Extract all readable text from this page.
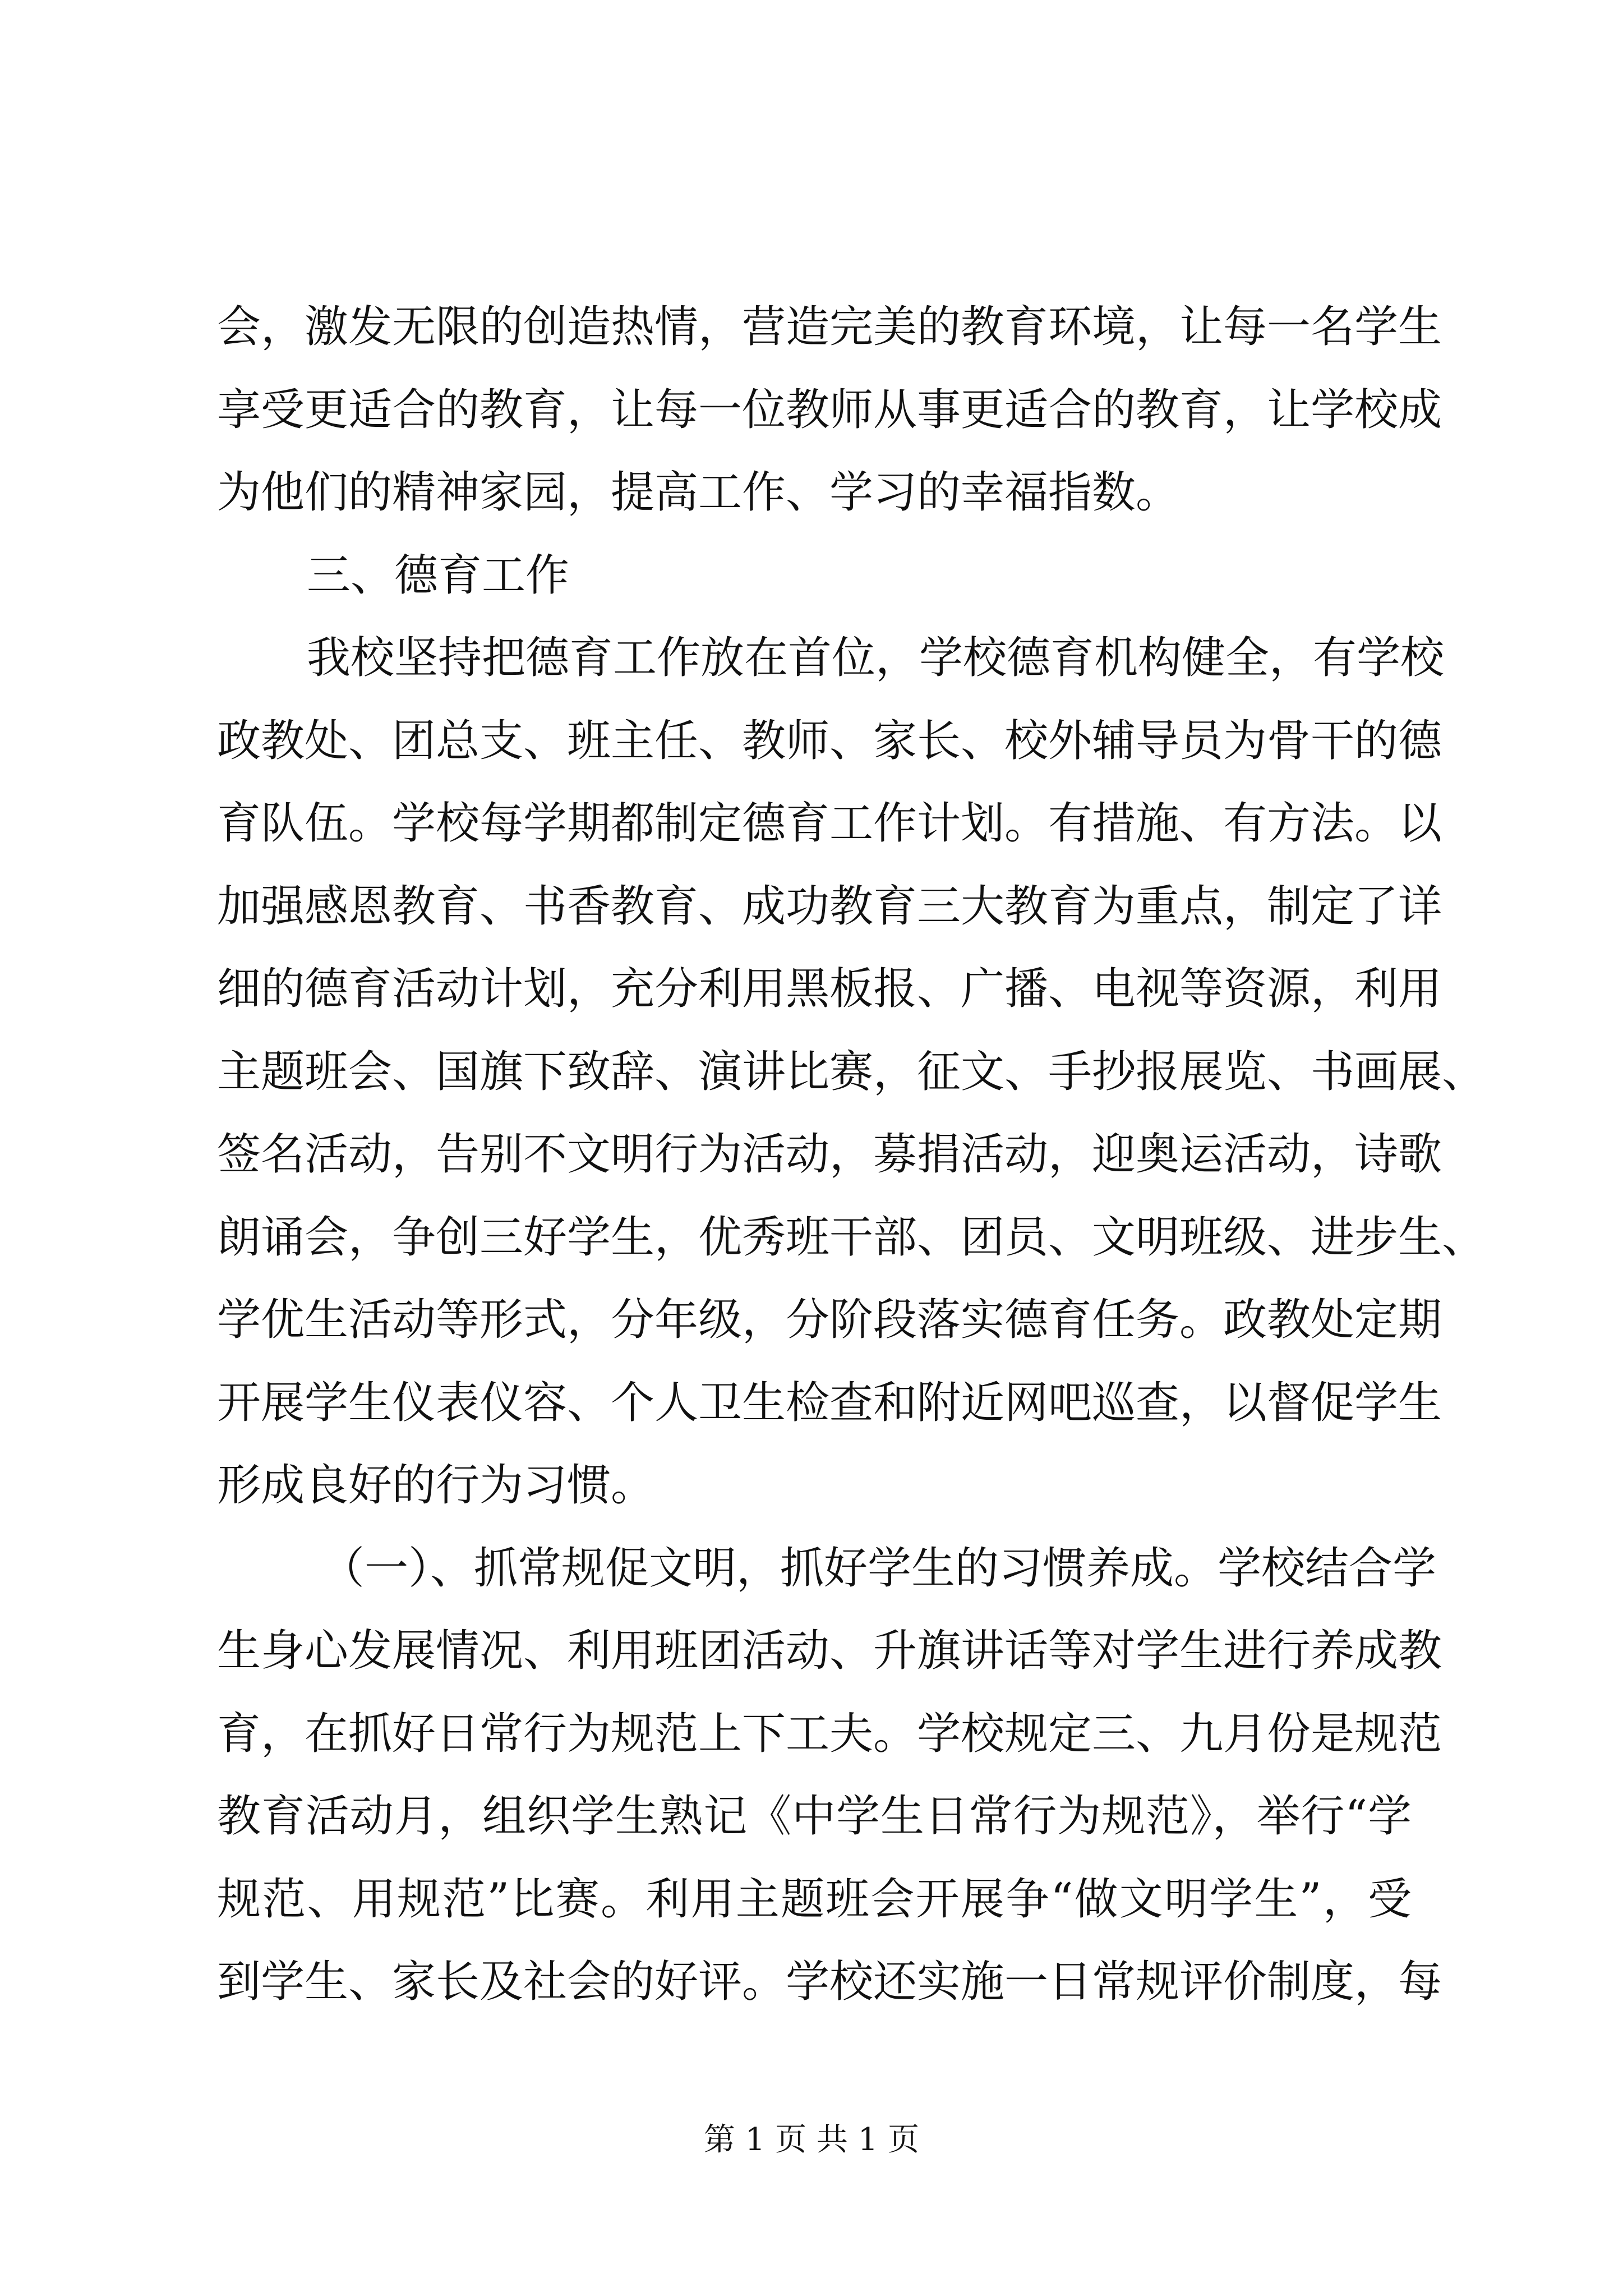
会，激发无限的创造热情，营造完美的教育环境，让每一名学生
享受更适合的教育，让每一位教师从事更适合的教育，让学校成
为他们的精神家园，提高工作、学习的幸福指数。
三、德育工作
我校坚持把德育工作放在首位，学校德育机构健全，有学校
政教处、团总支、班主任、教师、家长、校外辅导员为骨干的德
育队伍。学校每学期都制定德育工作计划。有措施、有方法。以
加强感恩教育、书香教育、成功教育三大教育为重点，制定了详
细的德育活动计划，充分利用黑板报、广播、电视等资源，利用
主题班会、国旗下致辞、演讲比赛，征文、手抄报展览、书画展、
签名活动，告别不文明行为活动，募捐活动，迎奥运活动，诗歌
朗诵会，争创三好学生，优秀班干部、团员、文明班级、进步生、
学优生活动等形式，分年级，分阶段落实德育任务。政教处定期
开展学生仪表仪容、个人卫生检查和附近网吧巡查，以督促学生
形成良好的行为习惯。
（一）、抓常规促文明，抓好学生的习惯养成。学校结合学
生身心发展情况、利用班团活动、升旗讲话等对学生进行养成教
育，在抓好日常行为规范上下工夫。学校规定三、九月份是规范
教育活动月，组织学生熟记《中学生日常行为规范》，举行“学
规范、用规范”比赛。利用主题班会开展争“做文明学生”，受
到学生、家长及社会的好评。学校还实施一日常规评价制度，每
第 1 页 共 1 页
